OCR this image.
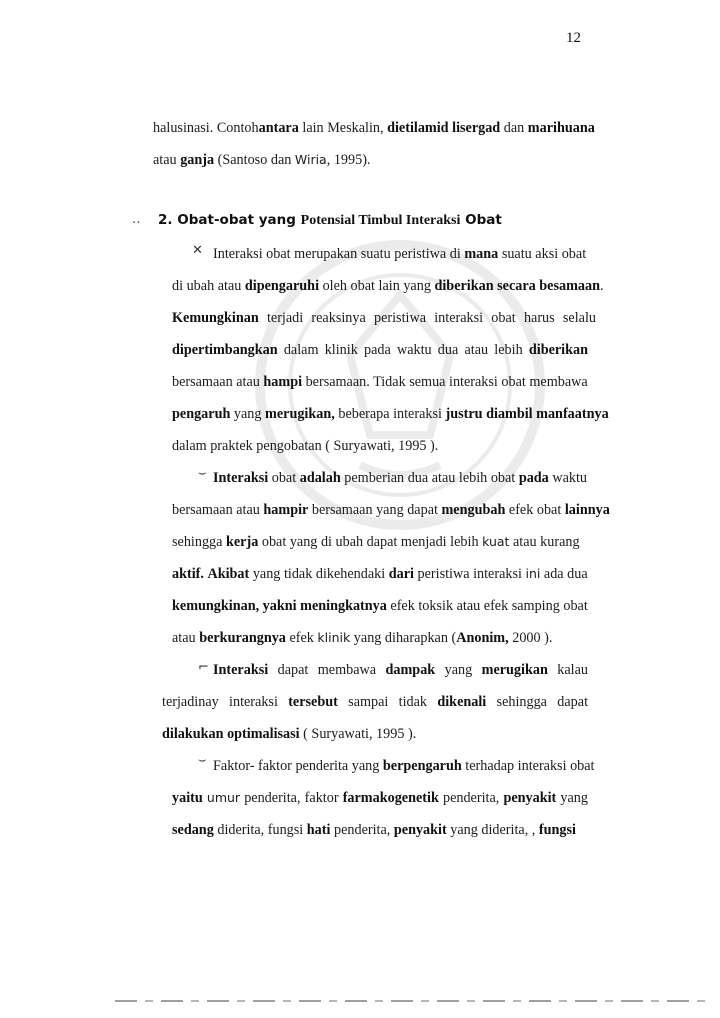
12
halusinasi. Contohantara lain Meskalin, dietilamid lisergad dan marihuana
atau ganja (Santoso dan Wiria, 1995).
‥ 2. Obat-obat yang Potensial Timbul Interaksi Obat
✕ Interaksi obat merupakan suatu peristiwa di mana suatu aksi obat
di ubah atau dipengaruhi oleh obat lain yang diberikan secara besamaan.
Kemungkinan terjadi reaksinya peristiwa interaksi obat harus selalu
dipertimbangkan dalam klinik pada waktu dua atau lebih diberikan
bersamaan atau hampi bersamaan. Tidak semua interaksi obat membawa
pengaruh yang merugikan, beberapa interaksi justru diambil manfaatnya
dalam praktek pengobatan ( Suryawati, 1995 ).
⌣ Interaksi obat adalah pemberian dua atau lebih obat pada waktu
bersamaan atau hampir bersamaan yang dapat mengubah efek obat lainnya
sehingga kerja obat yang di ubah dapat menjadi lebih kuat atau kurang
aktif. Akibat yang tidak dikehendaki dari peristiwa interaksi ini ada dua
kemungkinan, yakni meningkatnya efek toksik atau efek samping obat
atau berkurangnya efek klinik yang diharapkan (Anonim, 2000 ).
⌐ Interaksi dapat membawa dampak yang merugikan kalau
terjadinay interaksi tersebut sampai tidak dikenali sehingga dapat
dilakukan optimalisasi ( Suryawati, 1995 ).
⌣ Faktor- faktor penderita yang berpengaruh terhadap interaksi obat
yaitu umur penderita, faktor farmakogenetik penderita, penyakit yang
sedang diderita, fungsi hati penderita, penyakit yang diderita, , fungsi
